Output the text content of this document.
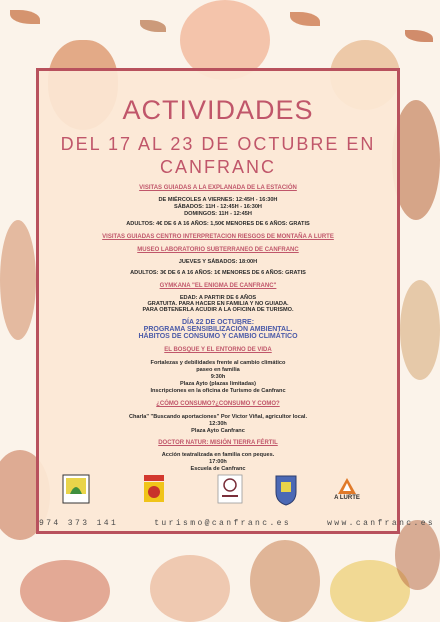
ACTIVIDADES
DEL 17 AL 23 DE OCTUBRE EN
CANFRANC
VISITAS GUIADAS A LA EXPLANADA DE LA ESTACIÓN
DE MIÉRCOLES A VIERNES: 12:45H - 16:30H
SÁBADOS: 11H - 12:45H - 16:30H
DOMINGOS: 11H - 12:45H
ADULTOS: 4€ DE 6 A 16 AÑOS: 1,50€ MENORES DE 6 AÑOS: GRATIS
VISITAS GUIADAS CENTRO INTERPRETACION RIESGOS DE MONTAÑA A LURTE
MUSEO LABORATORIO SUBTERRANEO DE CANFRANC
JUEVES Y SÁBADOS: 18:00H
ADULTOS: 3€ DE 6 A 16 AÑOS: 1€ MENORES DE 6 AÑOS: GRATIS
GYMKANA "EL ENIGMA DE CANFRANC"
EDAD: A PARTIR DE 6 AÑOS
GRATUITA. PARA HACER EN FAMILIA Y NO GUIADA.
PARA OBTENERLA ACUDIR A LA OFICINA DE TURISMO.
DÍA 22 DE OCTUBRE:
PROGRAMA SENSIBILIZACIÓN AMBIENTAL.
HÁBITOS DE CONSUMO Y CAMBIO CLIMÁTICO
EL BOSQUE Y EL ENTORNO DE VIDA
Fortalezas y debilidades frente al cambio climático
paseo en familia
9:30h
Plaza Ayto (plazas limitadas)
Inscripciones en la oficina de Turismo de Canfranc
¿CÓMO CONSUMO?¿CONSUMO Y COMO?
Charla" "Buscando aportaciones" Por Victor Viñal, agricultor local.
12:30h
Plaza Ayto Canfranc
DOCTOR NATUR: MISIÓN TIERRA FÉRTIL
Acción teatralizada en familia con peques.
17:00h
Escuela de Canfranc
A LURTE
974 373 141	turismo@canfranc.es	www.canfranc.es
